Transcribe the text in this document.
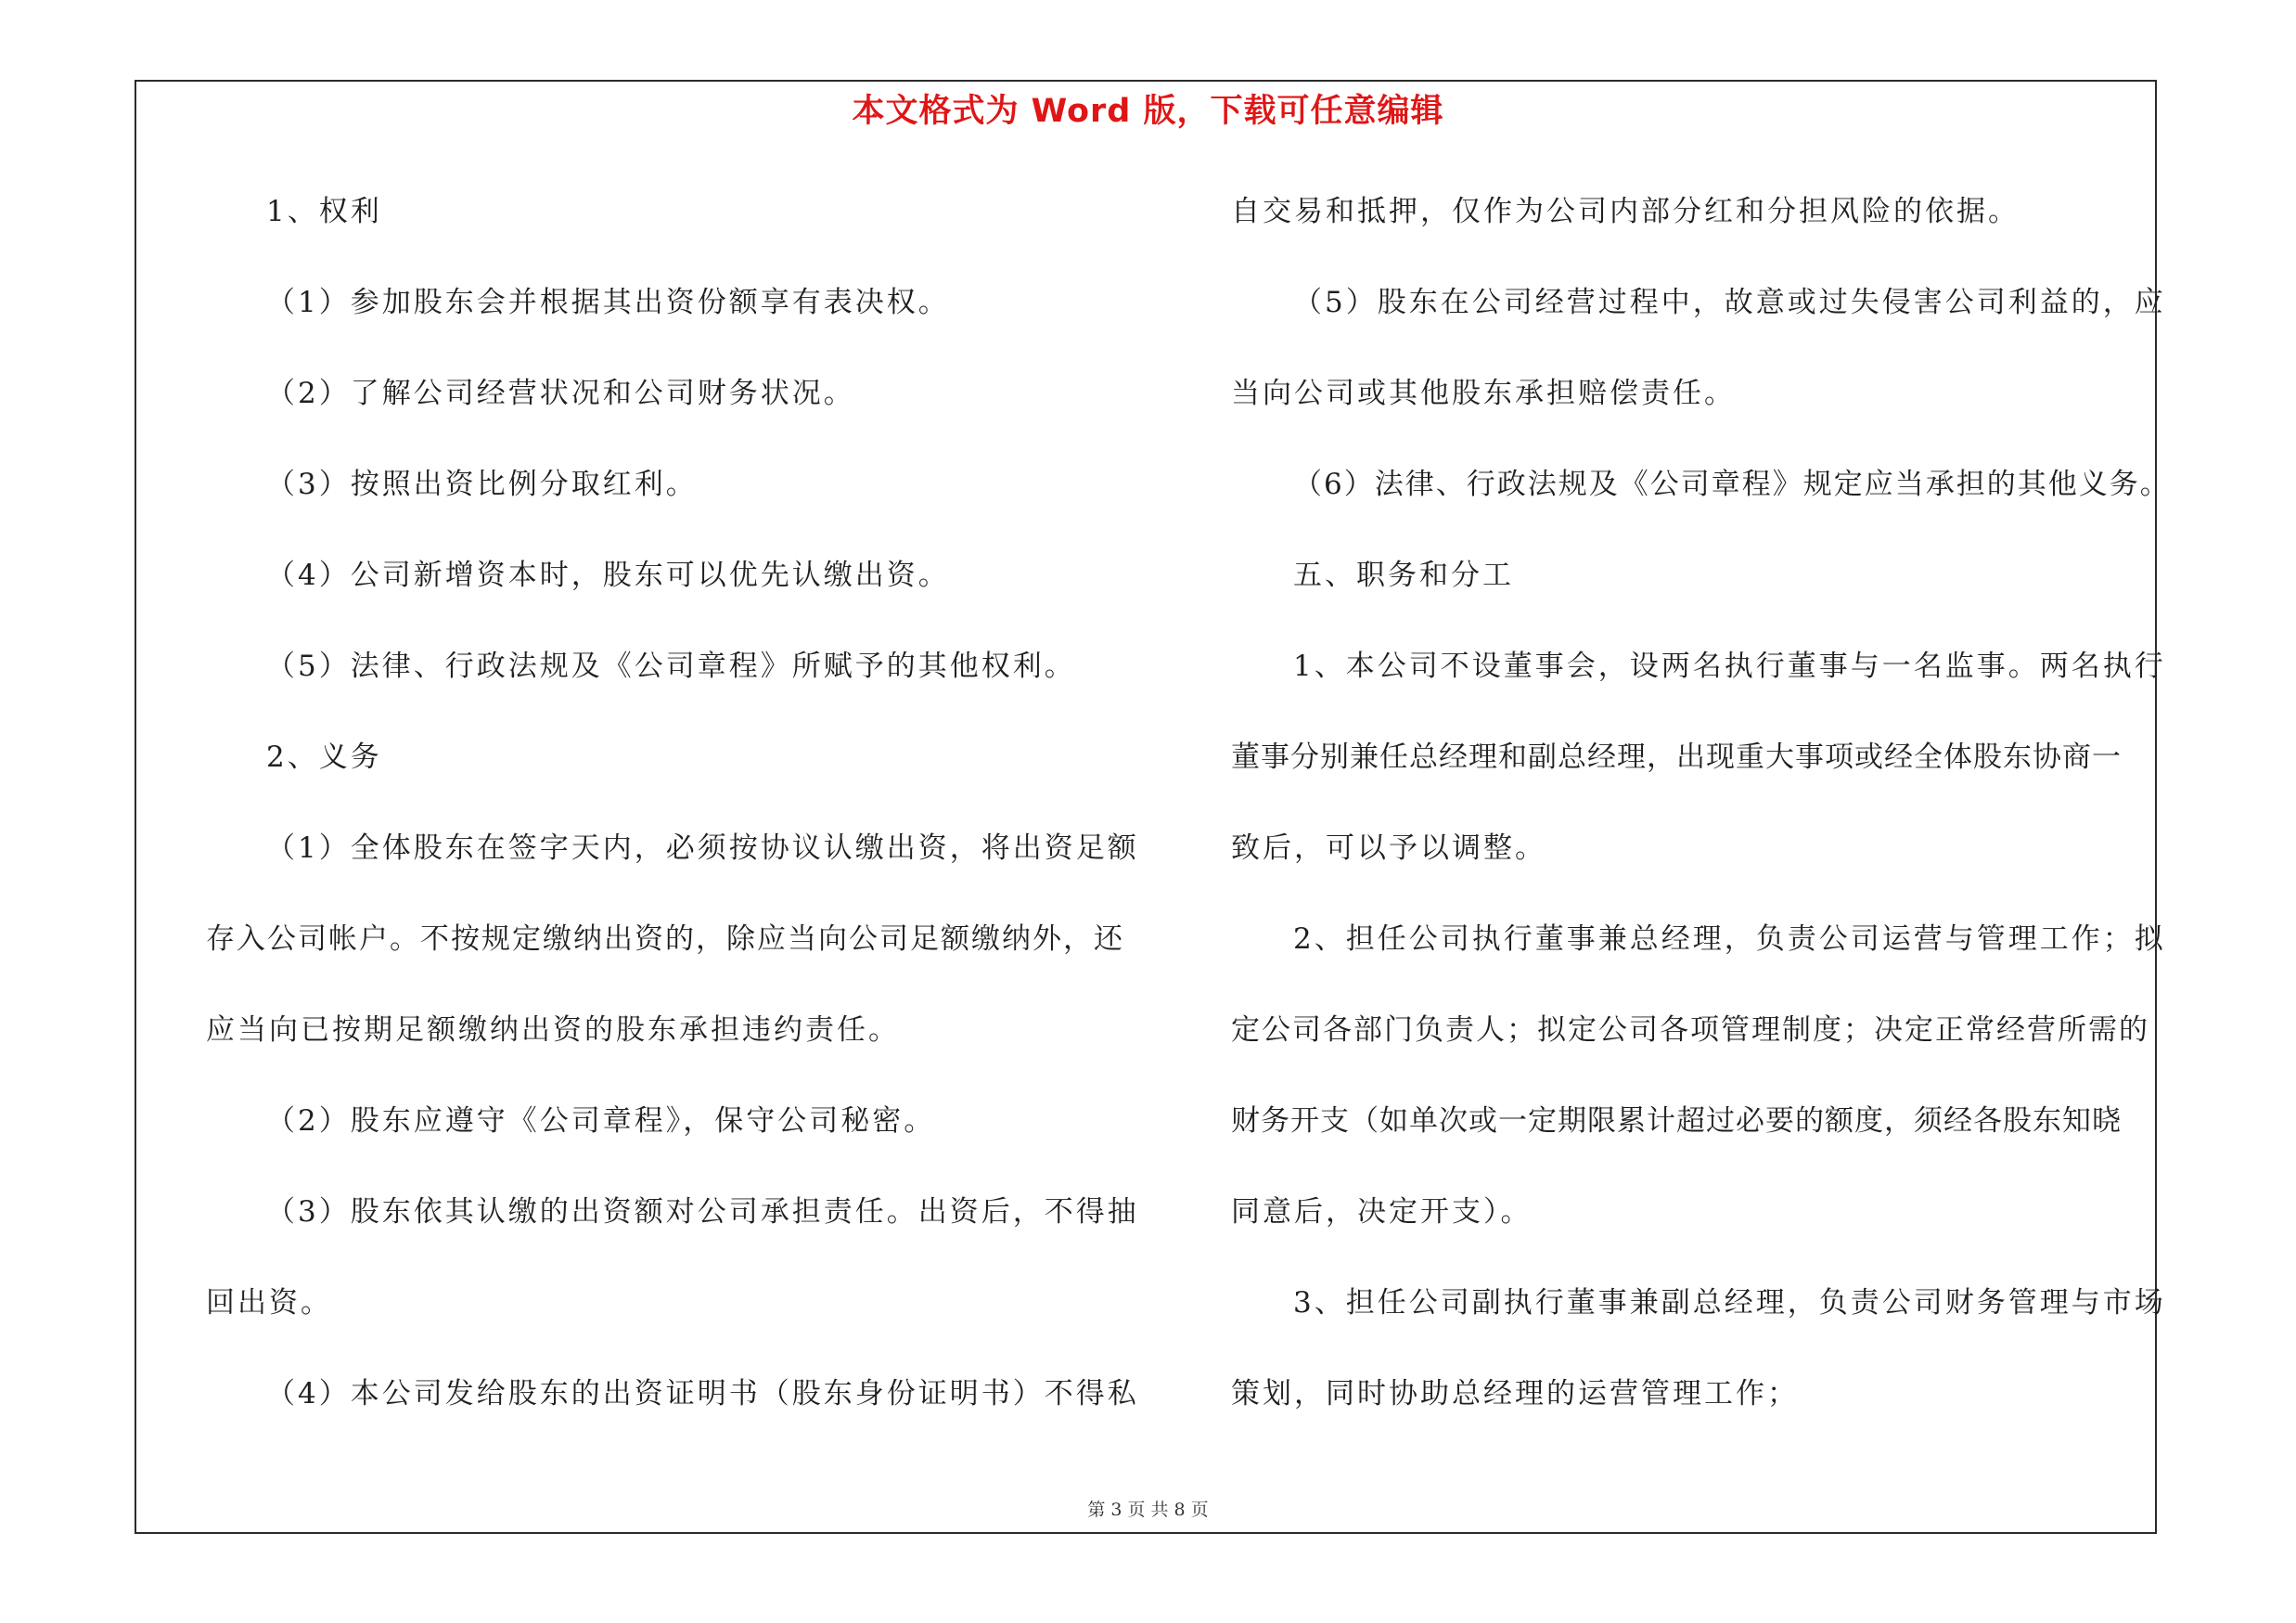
本文格式为 Word 版，下载可任意编辑
1、权利
（1）参加股东会并根据其出资份额享有表决权。
（2）了解公司经营状况和公司财务状况。
（3）按照出资比例分取红利。
（4）公司新增资本时，股东可以优先认缴出资。
（5）法律、行政法规及《公司章程》所赋予的其他权利。
2、义务
（1）全体股东在签字天内，必须按协议认缴出资，将出资足额
存入公司帐户。不按规定缴纳出资的，除应当向公司足额缴纳外，还
应当向已按期足额缴纳出资的股东承担违约责任。
（2）股东应遵守《公司章程》，保守公司秘密。
（3）股东依其认缴的出资额对公司承担责任。出资后，不得抽
回出资。
（4）本公司发给股东的出资证明书（股东身份证明书）不得私
自交易和抵押，仅作为公司内部分红和分担风险的依据。
（5）股东在公司经营过程中，故意或过失侵害公司利益的，应
当向公司或其他股东承担赔偿责任。
（6）法律、行政法规及《公司章程》规定应当承担的其他义务。
五、职务和分工
1、本公司不设董事会，设两名执行董事与一名监事。两名执行
董事分别兼任总经理和副总经理，出现重大事项或经全体股东协商一
致后，可以予以调整。
2、担任公司执行董事兼总经理，负责公司运营与管理工作；拟
定公司各部门负责人；拟定公司各项管理制度；决定正常经营所需的
财务开支（如单次或一定期限累计超过必要的额度，须经各股东知晓
同意后，决定开支）。
3、担任公司副执行董事兼副总经理，负责公司财务管理与市场
策划，同时协助总经理的运营管理工作；
第 3 页 共 8 页
